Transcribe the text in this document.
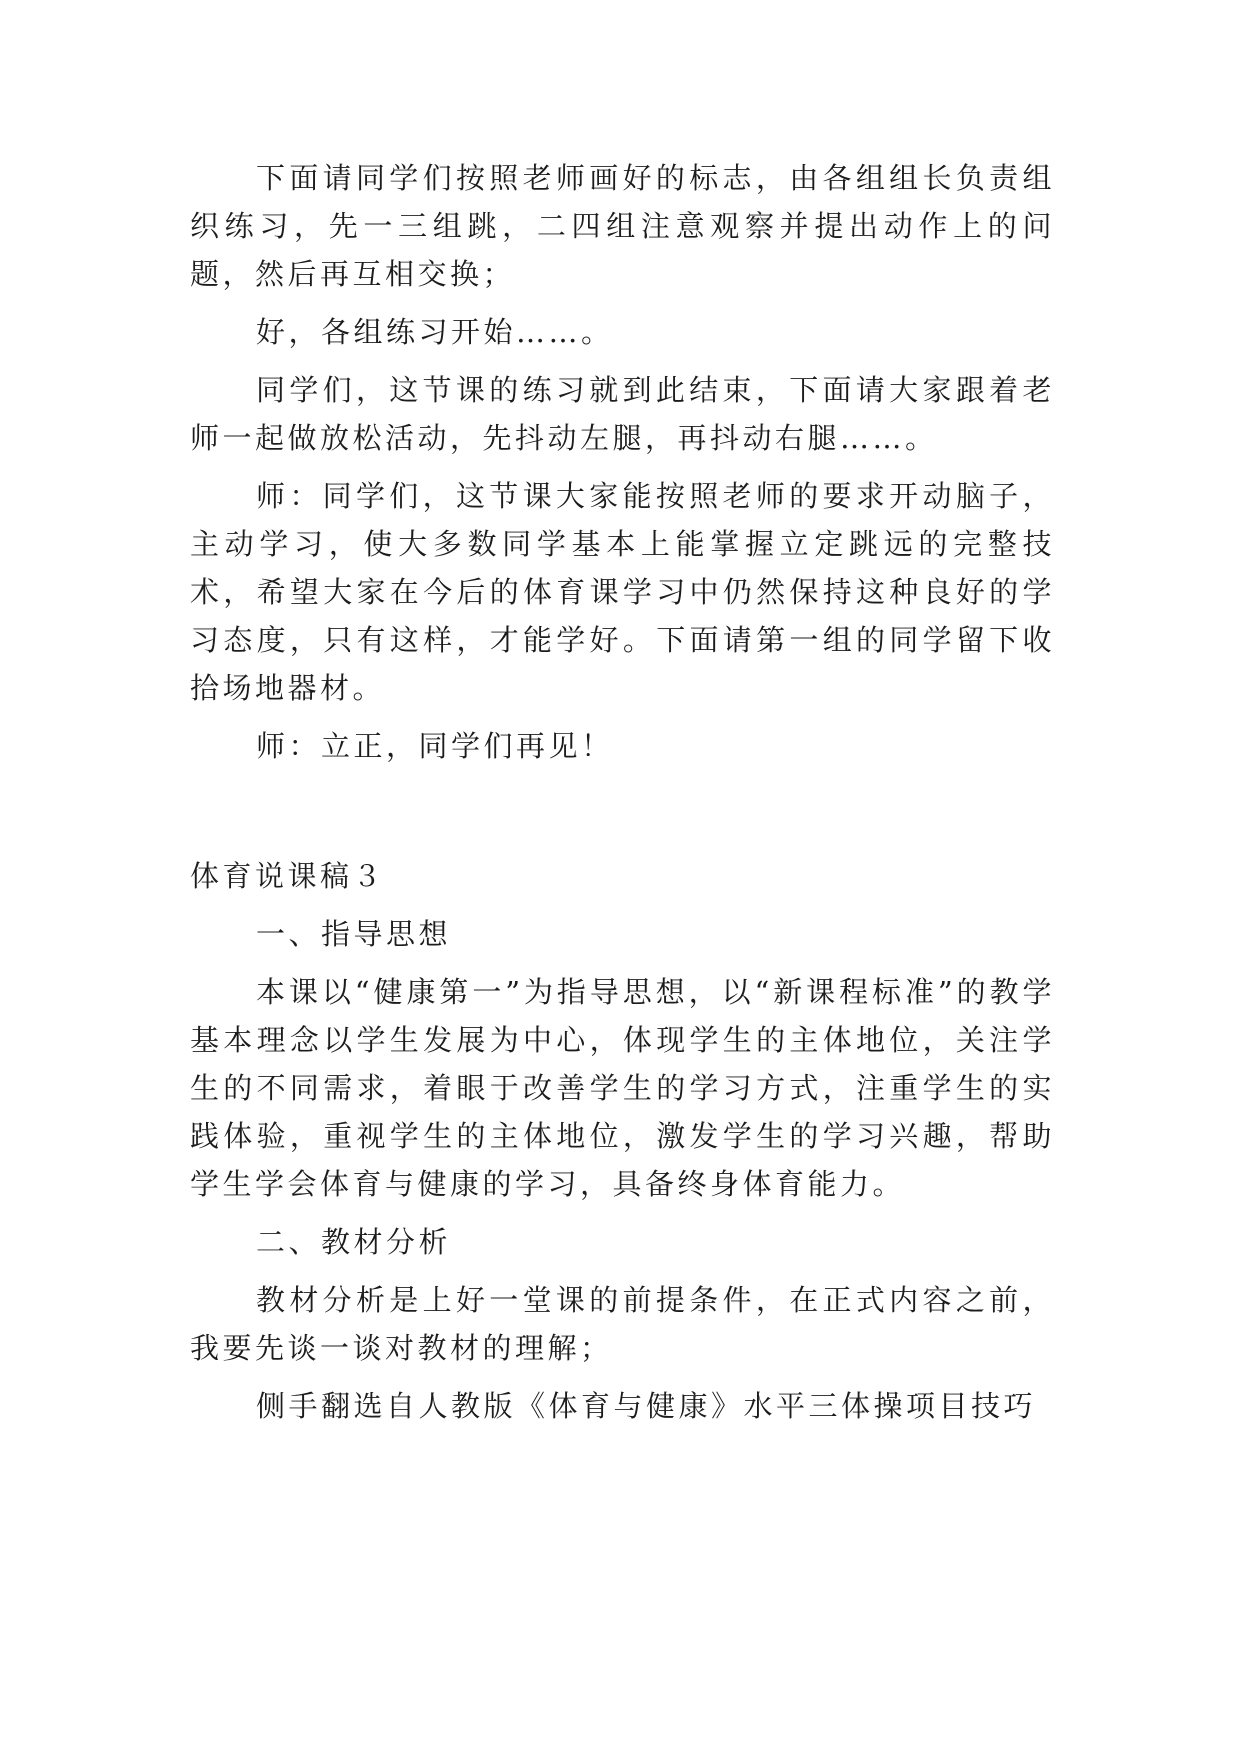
下面请同学们按照老师画好的标志，由各组组长负责组织练习，先一三组跳，二四组注意观察并提出动作上的问题，然后再互相交换；

好，各组练习开始……。

同学们，这节课的练习就到此结束，下面请大家跟着老师一起做放松活动，先抖动左腿，再抖动右腿……。

师：同学们，这节课大家能按照老师的要求开动脑子，主动学习，使大多数同学基本上能掌握立定跳远的完整技术，希望大家在今后的体育课学习中仍然保持这种良好的学习态度，只有这样，才能学好。下面请第一组的同学留下收拾场地器材。

师：立正，同学们再见！

体育说课稿３

一、指导思想

本课以“健康第一”为指导思想，以“新课程标准”的教学基本理念以学生发展为中心，体现学生的主体地位，关注学生的不同需求，着眼于改善学生的学习方式，注重学生的实践体验，重视学生的主体地位，激发学生的学习兴趣，帮助学生学会体育与健康的学习，具备终身体育能力。

二、教材分析

教材分析是上好一堂课的前提条件，在正式内容之前，我要先谈一谈对教材的理解；

侧手翻选自人教版《体育与健康》水平三体操项目技巧
